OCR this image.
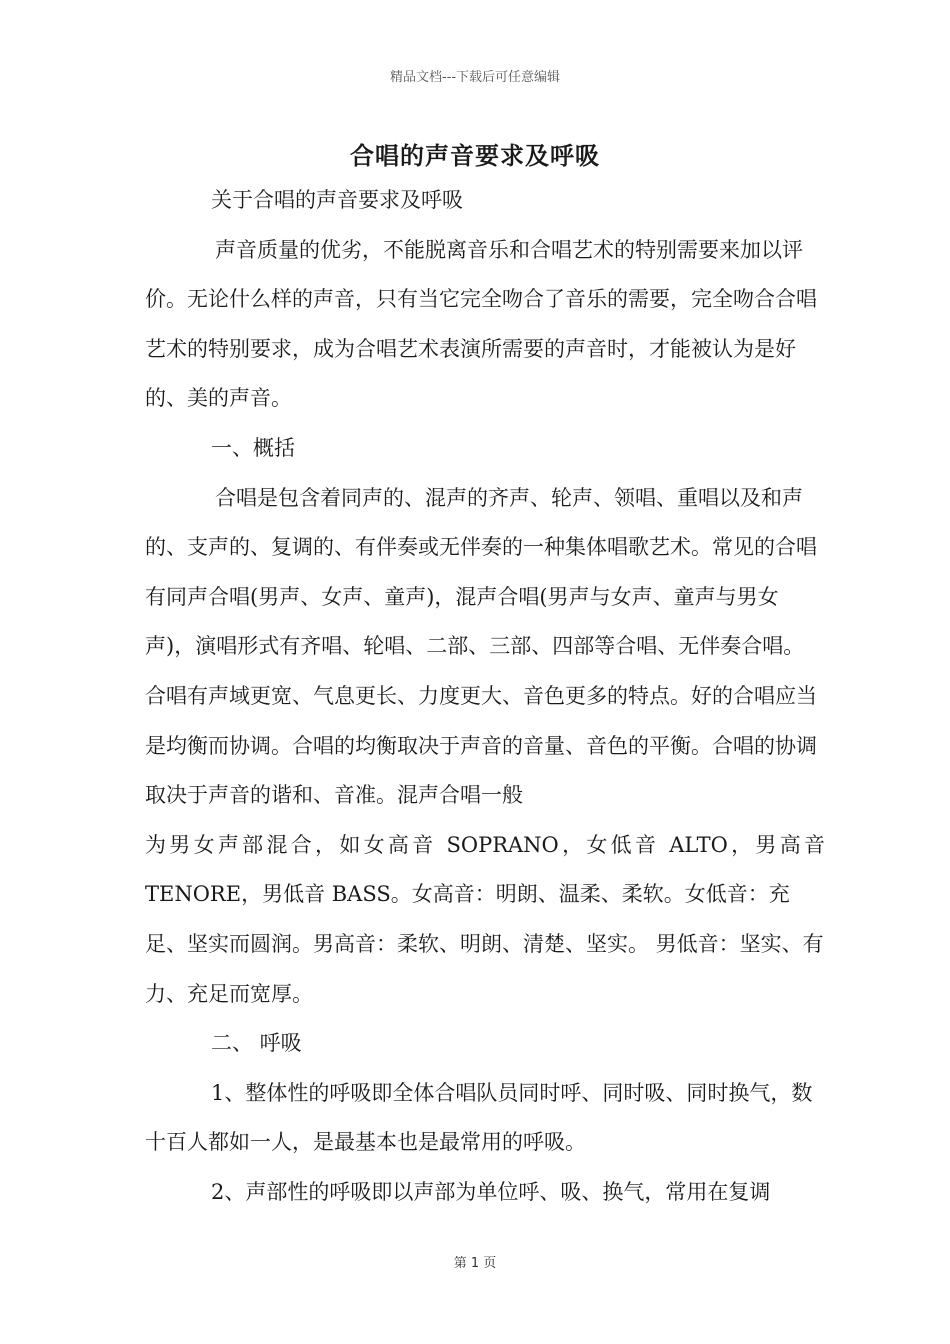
精品文档---下载后可任意编辑
合唱的声音要求及呼吸

关于合唱的声音要求及呼吸

声音质量的优劣，不能脱离音乐和合唱艺术的特别需要来加以评价。无论什么样的声音，只有当它完全吻合了音乐的需要，完全吻合合唱艺术的特别要求，成为合唱艺术表演所需要的声音时，才能被认为是好的、美的声音。

一、概括

合唱是包含着同声的、混声的齐声、轮声、领唱、重唱以及和声的、支声的、复调的、有伴奏或无伴奏的一种集体唱歌艺术。常见的合唱有同声合唱(男声、女声、童声)，混声合唱(男声与女声、童声与男女声)，演唱形式有齐唱、轮唱、二部、三部、四部等合唱、无伴奏合唱。合唱有声域更宽、气息更长、力度更大、音色更多的特点。好的合唱应当是均衡而协调。合唱的均衡取决于声音的音量、音色的平衡。合唱的协调取决于声音的谐和、音准。混声合唱一般

为男女声部混合，如女高音 SOPRANO，女低音 ALTO，男高音

TENORE，男低音 BASS。女高音：明朗、温柔、柔软。女低音：充足、坚实而圆润。男高音：柔软、明朗、清楚、坚实。 男低音：坚实、有力、充足而宽厚。

二、 呼吸

1、整体性的呼吸即全体合唱队员同时呼、同时吸、同时换气，数十百人都如一人，是最基本也是最常用的呼吸。

2、声部性的呼吸即以声部为单位呼、吸、换气，常用在复调

第 1 页
